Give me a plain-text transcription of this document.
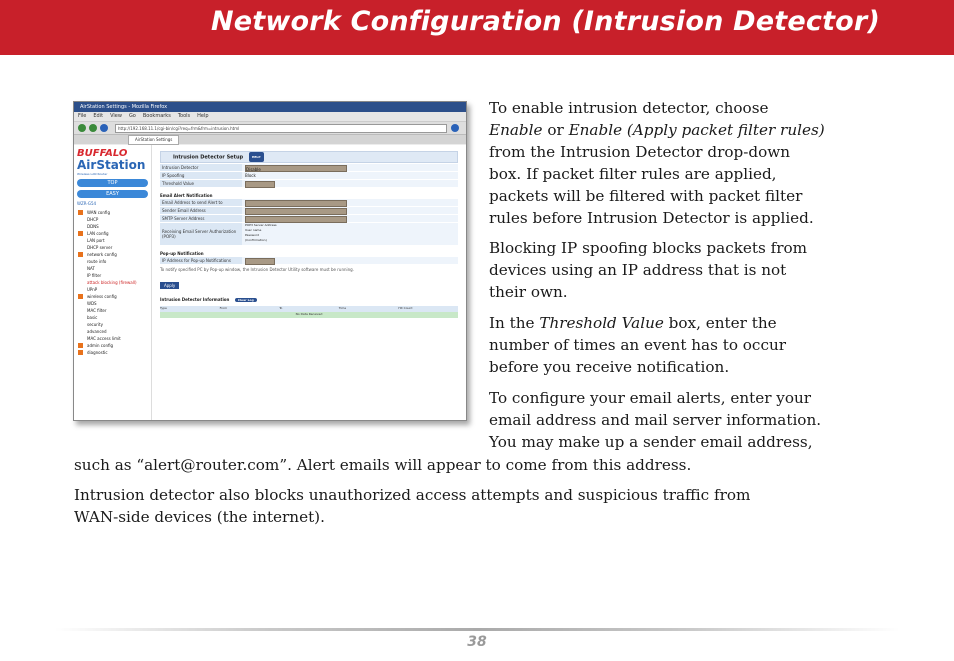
Network Configuration (Intrusion Detector)
AirStation Settings - Mozilla Firefox
File Edit View Go Bookmarks Tools Help
http://192.168.11.1/cgi-bin/cgi?req=frm&frm=intrusion.html
AirStation Settings
BUFFALO
AirStation
Wireless LAN Router
TOP
EASY
WZR-G54
WAN config
DHCP
DDNS
LAN config
LAN port
DHCP server
network config
route info
NAT
IP filter
attack blocking (firewall)
UPnP
wireless config
WDS
MAC filter
basic
security
advanced
MAC access limit
admin config
diagnostic
Intrusion Detector Setup	HELP
Intrusion Detector	Disable
IP Spoofing	Block
Threshold Value
Email Alert Notification
Email Address to send Alert to
Sender Email Address
SMTP Server Address
Receiving Email Server Authorization (POP3)
POP3 Server Address
User name
Password
(Confirmation)
Pop-up Notification
IP Address for Pop-up Notifications
To notify specified PC by Pop-up window, the Intrusion Detector Utility software must be running.
Apply
Intrusion Detector Information	Clear Log
Type	From	To	Time	Hit Count
No Data Received

To enable intrusion detector, choose
Enable or Enable (Apply packet filter rules)
from the Intrusion Detector drop-down
box. If packet filter rules are applied,
packets will be filtered with packet filter
rules before Intrusion Detector is applied.

Blocking IP spoofing blocks packets from
devices using an IP address that is not
their own.

In the Threshold Value box, enter the
number of times an event has to occur
before you receive notification.

To configure your email alerts, enter your
email address and mail server information.
You may make up a sender email address,

such as “alert@router.com”. Alert emails will appear to come from this address.

Intrusion detector also blocks unauthorized access attempts and suspicious traffic from
WAN-side devices (the internet).

38
